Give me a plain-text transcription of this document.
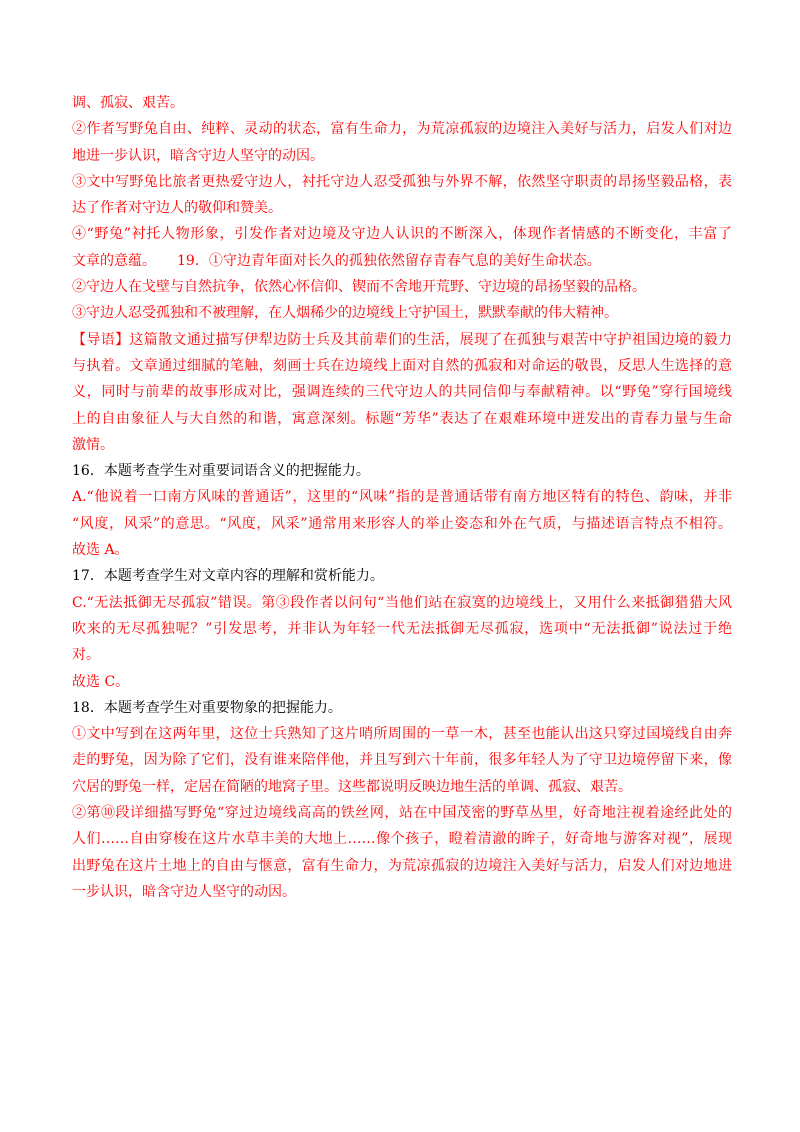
调、孤寂、艰苦。
②作者写野兔自由、纯粹、灵动的状态，富有生命力，为荒凉孤寂的边境注入美好与活力，启发人们对边
地进一步认识，暗含守边人坚守的动因。
③文中写野兔比旅者更热爱守边人，衬托守边人忍受孤独与外界不解，依然坚守职责的昂扬坚毅品格，表
达了作者对守边人的敬仰和赞美。
④“野兔”衬托人物形象，引发作者对边境及守边人认识的不断深入，体现作者情感的不断变化，丰富了
文章的意蕴。　　19．①守边青年面对长久的孤独依然留存青春气息的美好生命状态。
②守边人在戈壁与自然抗争，依然心怀信仰、锲而不舍地开荒野、守边境的昂扬坚毅的品格。
③守边人忍受孤独和不被理解，在人烟稀少的边境线上守护国土，默默奉献的伟大精神。
【导语】这篇散文通过描写伊犁边防士兵及其前辈们的生活，展现了在孤独与艰苦中守护祖国边境的毅力
与执着。文章通过细腻的笔触，刻画士兵在边境线上面对自然的孤寂和对命运的敬畏，反思人生选择的意
义，同时与前辈的故事形成对比，强调连续的三代守边人的共同信仰与奉献精神。以“野兔”穿行国境线
上的自由象征人与大自然的和谐，寓意深刻。标题“芳华”表达了在艰难环境中迸发出的青春力量与生命
激情。
16．本题考查学生对重要词语含义的把握能力。
A.“他说着一口南方风味的普通话”，这里的“风味”指的是普通话带有南方地区特有的特色、韵味，并非
“风度，风采”的意思。“风度，风采”通常用来形容人的举止姿态和外在气质，与描述语言特点不相符。
故选 A。
17．本题考查学生对文章内容的理解和赏析能力。
C.“无法抵御无尽孤寂”错误。第③段作者以问句“当他们站在寂寞的边境线上，又用什么来抵御猎猎大风
吹来的无尽孤独呢？”引发思考，并非认为年轻一代无法抵御无尽孤寂，选项中“无法抵御”说法过于绝
对。
故选 C。
18．本题考查学生对重要物象的把握能力。
①文中写到在这两年里，这位士兵熟知了这片哨所周围的一草一木，甚至也能认出这只穿过国境线自由奔
走的野兔，因为除了它们，没有谁来陪伴他，并且写到六十年前，很多年轻人为了守卫边境停留下来，像
穴居的野兔一样，定居在简陋的地窝子里。这些都说明反映边地生活的单调、孤寂、艰苦。
②第⑩段详细描写野兔“穿过边境线高高的铁丝网，站在中国茂密的野草丛里，好奇地注视着途经此处的
人们……自由穿梭在这片水草丰美的大地上……像个孩子，瞪着清澈的眸子，好奇地与游客对视”，展现
出野兔在这片土地上的自由与惬意，富有生命力，为荒凉孤寂的边境注入美好与活力，启发人们对边地进
一步认识，暗含守边人坚守的动因。
